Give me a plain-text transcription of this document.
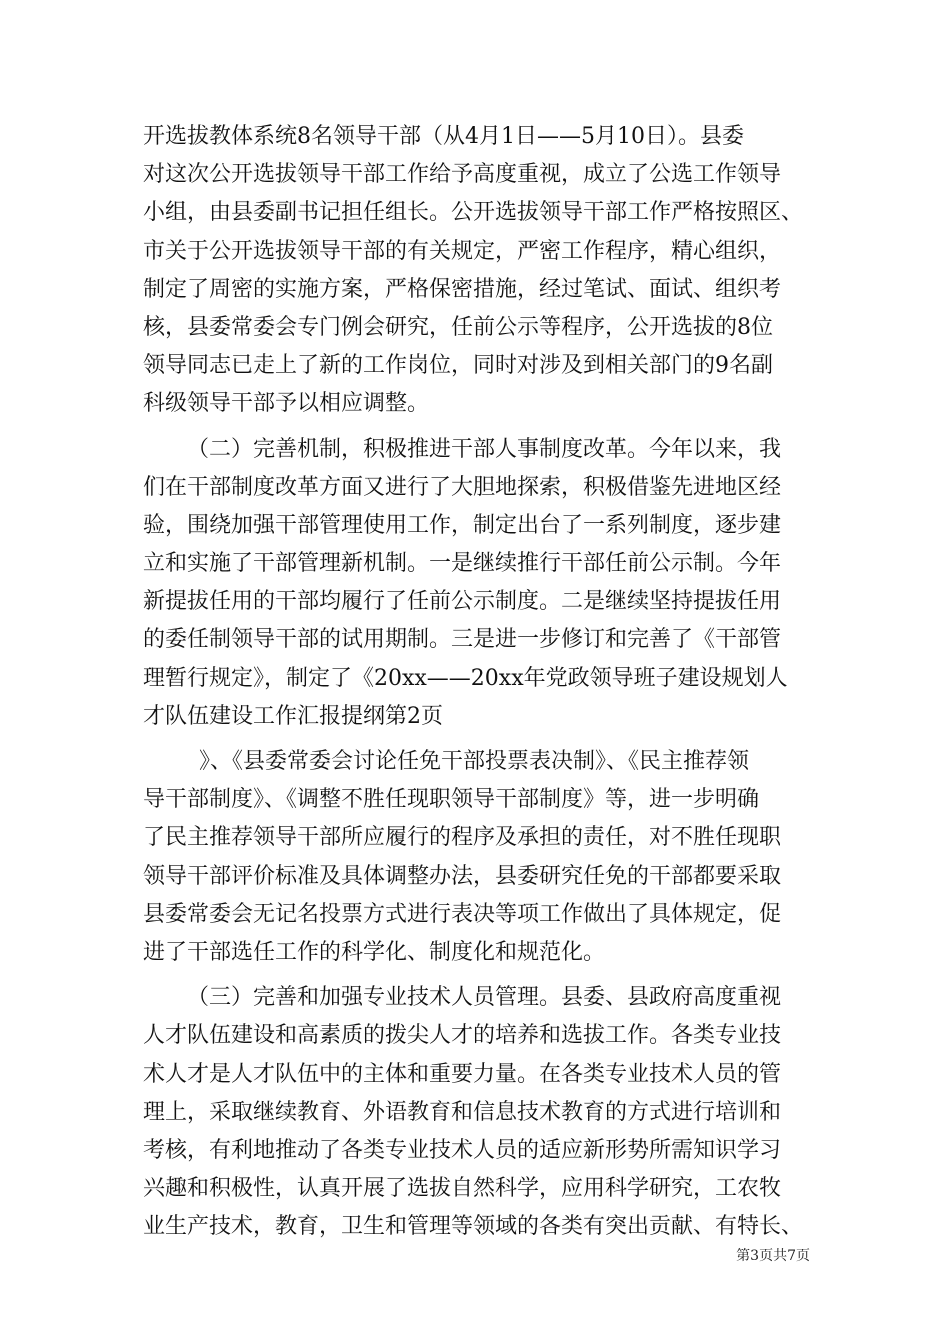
开选拔教体系统8名领导干部（从4月1日——5月10日）。县委
对这次公开选拔领导干部工作给予高度重视，成立了公选工作领导
小组，由县委副书记担任组长。公开选拔领导干部工作严格按照区、
市关于公开选拔领导干部的有关规定，严密工作程序，精心组织，
制定了周密的实施方案，严格保密措施，经过笔试、面试、组织考
核，县委常委会专门例会研究，任前公示等程序，公开选拔的8位
领导同志已走上了新的工作岗位，同时对涉及到相关部门的9名副
科级领导干部予以相应调整。
（二）完善机制，积极推进干部人事制度改革。今年以来，我
们在干部制度改革方面又进行了大胆地探索，积极借鉴先进地区经
验，围绕加强干部管理使用工作，制定出台了一系列制度，逐步建
立和实施了干部管理新机制。一是继续推行干部任前公示制。今年
新提拔任用的干部均履行了任前公示制度。二是继续坚持提拔任用
的委任制领导干部的试用期制。三是进一步修订和完善了《干部管
理暂行规定》，制定了《20xx——20xx年党政领导班子建设规划人
才队伍建设工作汇报提纲第2页
》、《县委常委会讨论任免干部投票表决制》、《民主推荐领
导干部制度》、《调整不胜任现职领导干部制度》等，进一步明确
了民主推荐领导干部所应履行的程序及承担的责任，对不胜任现职
领导干部评价标准及具体调整办法，县委研究任免的干部都要采取
县委常委会无记名投票方式进行表决等项工作做出了具体规定，促
进了干部选任工作的科学化、制度化和规范化。
（三）完善和加强专业技术人员管理。县委、县政府高度重视
人才队伍建设和高素质的拨尖人才的培养和选拔工作。各类专业技
术人才是人才队伍中的主体和重要力量。在各类专业技术人员的管
理上，采取继续教育、外语教育和信息技术教育的方式进行培训和
考核，有利地推动了各类专业技术人员的适应新形势所需知识学习
兴趣和积极性，认真开展了选拔自然科学，应用科学研究，工农牧
业生产技术，教育，卫生和管理等领域的各类有突出贡献、有特长、
第3页共7页
